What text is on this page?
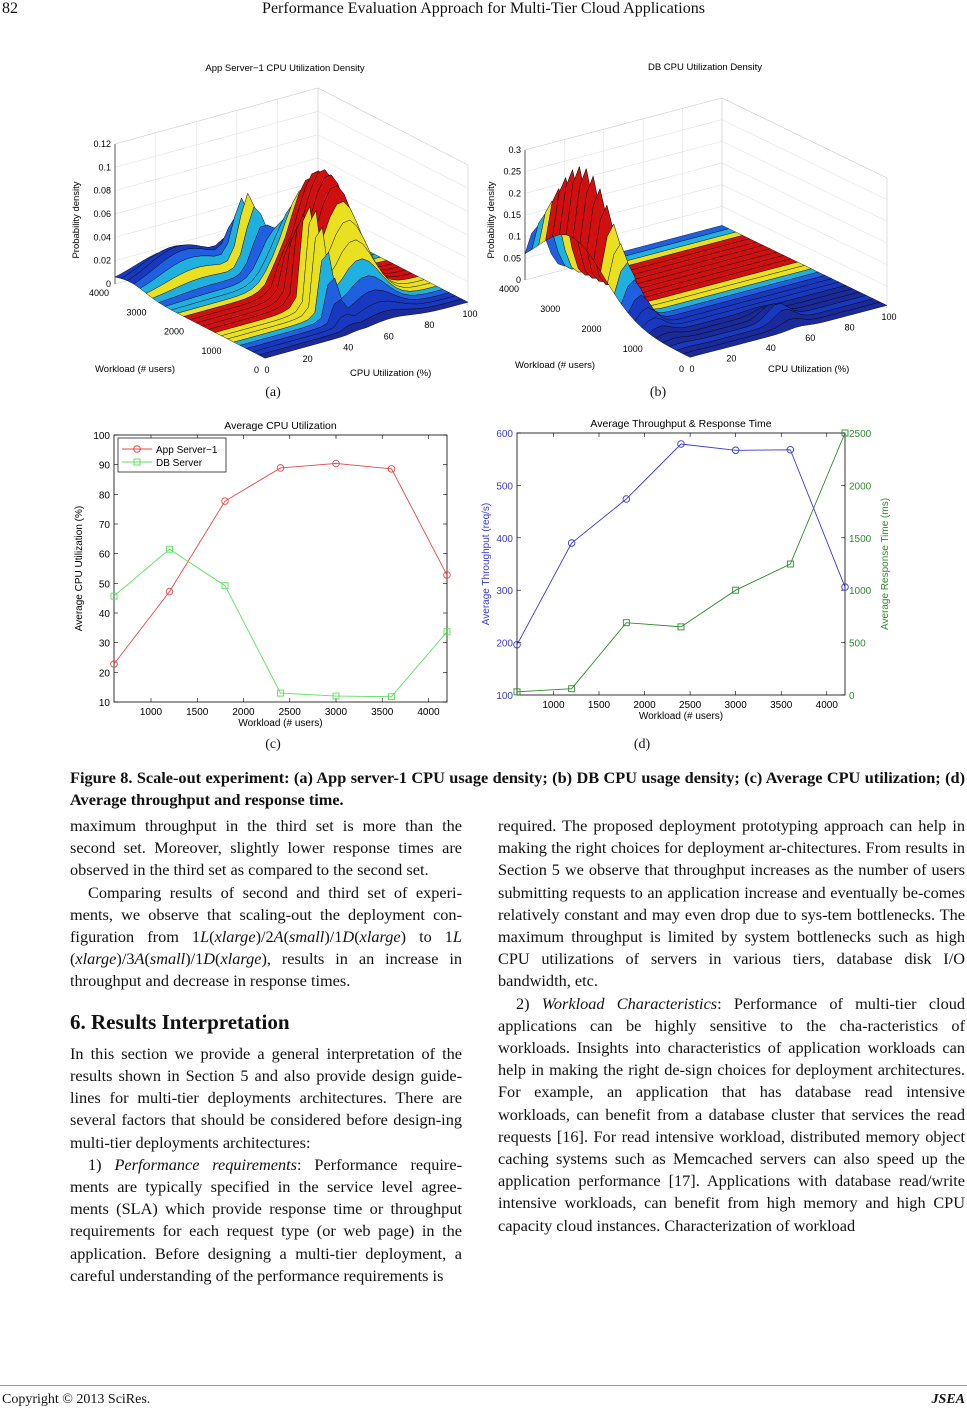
82	Performance Evaluation Approach for Multi-Tier Cloud Applications
0
0.02
0.04
0.06
0.08
0.1
0.12
4000
3000
2000
1000
0 0
20
40
60
80
100
App Server−1 CPU Utilization Density
Probability density
Workload (# users)	CPU Utilization (%)
0
0.05
0.1
0.15
0.2
0.25
0.3
4000
3000
2000
1000
0 0
20
40
60
80
100
DB CPU Utilization Density
Probability density
Workload (# users)	CPU Utilization (%)
(a)	(b)
Average CPU Utilization
1000 1500 2000 2500 3000 3500 4000
Workload (# users)
10
20
30
40
50
60
70
80
90
100
Average CPU Utilization (%)
App Server−1
DB Server
Average Throughput & Response Time
1000 1500 2000 2500 3000 3500 4000
Workload (# users)
100
200
300
400
500
600
Average Throughput (req/s)
0
500
1000
1500
2000
2500
Average Response Time (ms)
(c)	(d)
Figure 8. Scale-out experiment: (a) App server-1 CPU usage density; (b) DB CPU usage density; (c) Average CPU utilization; (d) Average throughput and response time.

maximum throughput in the third set is more than the second set. Moreover, slightly lower response times are observed in the third set as compared to the second set.

Comparing results of second and third set of experi-ments, we observe that scaling-out the deployment con-figuration from 1L(xlarge)/2A(small)/1D(xlarge) to 1L (xlarge)/3A(small)/1D(xlarge), results in an increase in throughput and decrease in response times.

6. Results Interpretation

In this section we provide a general interpretation of the results shown in Section 5 and also provide design guide-lines for multi-tier deployments architectures. There are several factors that should be considered before design-ing multi-tier deployments architectures:

1) Performance requirements: Performance require-ments are typically specified in the service level agree-ments (SLA) which provide response time or throughput requirements for each request type (or web page) in the application. Before designing a multi-tier deployment, a careful understanding of the performance requirements is

required. The proposed deployment prototyping approach can help in making the right choices for deployment ar-chitectures. From results in Section 5 we observe that throughput increases as the number of users submitting requests to an application increase and eventually be-comes relatively constant and may even drop due to sys-tem bottlenecks. The maximum throughput is limited by system bottlenecks such as high CPU utilizations of servers in various tiers, database disk I/O bandwidth, etc.

2) Workload Characteristics: Performance of multi-tier cloud applications can be highly sensitive to the cha-racteristics of workloads. Insights into characteristics of application workloads can help in making the right de-sign choices for deployment architectures. For example, an application that has database read intensive workloads, can benefit from a database cluster that services the read requests [16]. For read intensive workload, distributed memory object caching systems such as Memcached servers can also speed up the application performance [17]. Applications with database read/write intensive workloads, can benefit from high memory and high CPU capacity cloud instances. Characterization of workload

Copyright © 2013 SciRes.	JSEA
